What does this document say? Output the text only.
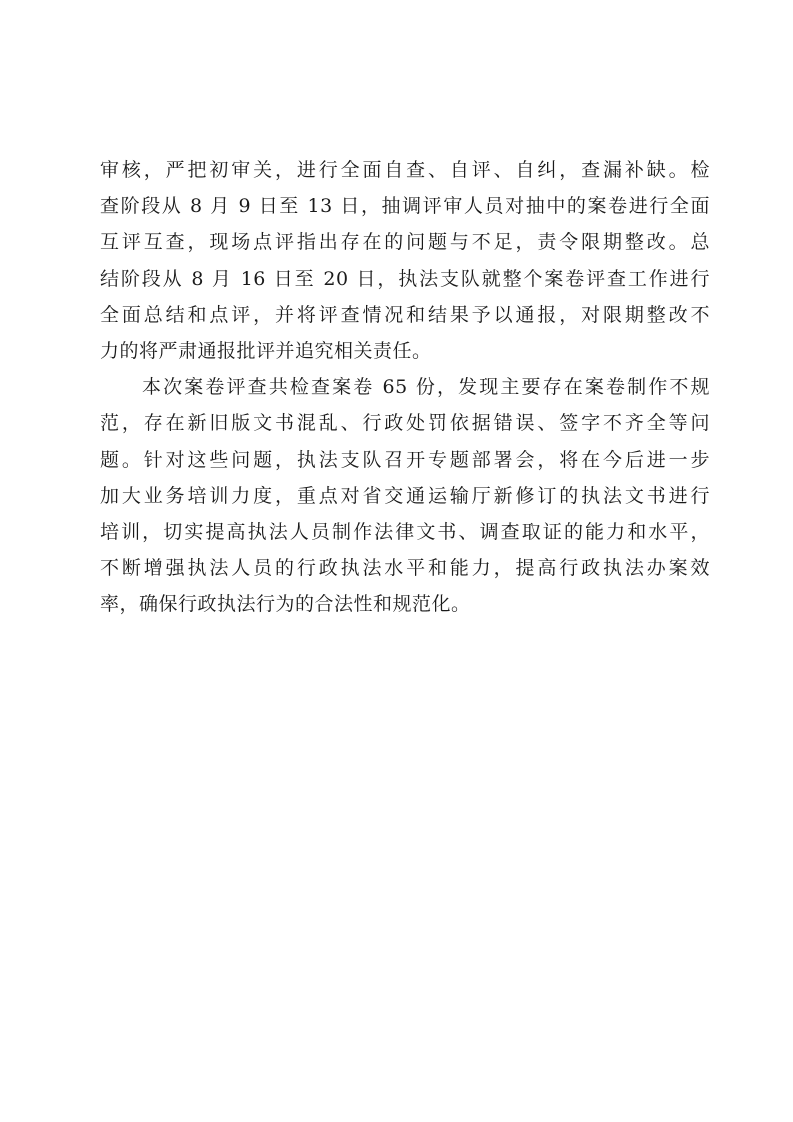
审核，严把初审关，进行全面自查、自评、自纠，查漏补缺。检
查阶段从 8 月 9 日至 13 日，抽调评审人员对抽中的案卷进行全面
互评互查，现场点评指出存在的问题与不足，责令限期整改。总
结阶段从 8 月 16 日至 20 日，执法支队就整个案卷评查工作进行
全面总结和点评，并将评查情况和结果予以通报，对限期整改不
力的将严肃通报批评并追究相关责任。
本次案卷评查共检查案卷 65 份，发现主要存在案卷制作不规
范，存在新旧版文书混乱、行政处罚依据错误、签字不齐全等问
题。针对这些问题，执法支队召开专题部署会，将在今后进一步
加大业务培训力度，重点对省交通运输厅新修订的执法文书进行
培训，切实提高执法人员制作法律文书、调查取证的能力和水平，
不断增强执法人员的行政执法水平和能力，提高行政执法办案效
率，确保行政执法行为的合法性和规范化。
